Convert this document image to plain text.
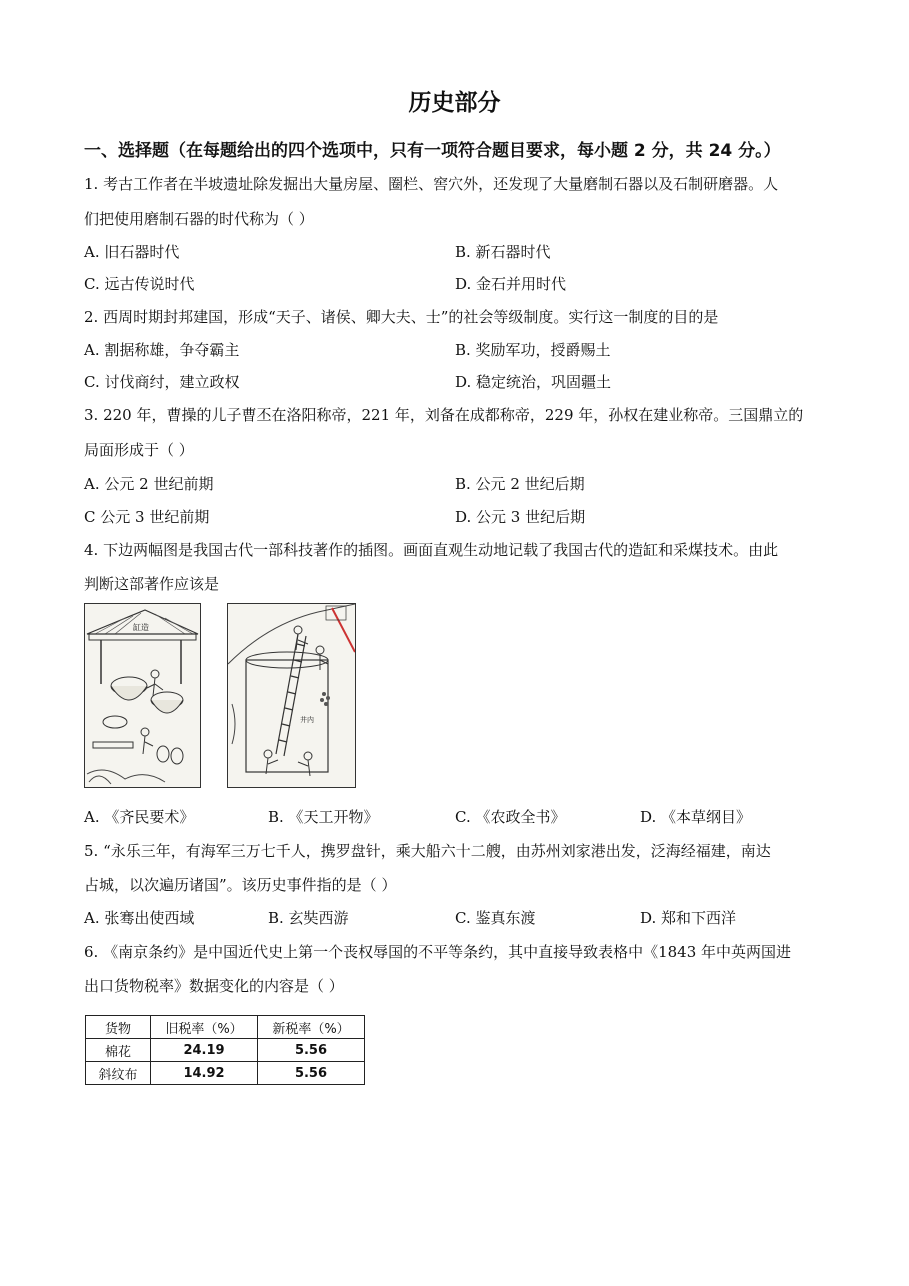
历史部分
一、选择题（在每题给出的四个选项中，只有一项符合题目要求，每小题 2 分，共 24 分。）
1. 考古工作者在半坡遗址除发掘出大量房屋、圈栏、窖穴外，还发现了大量磨制石器以及石制研磨器。人
们把使用磨制石器的时代称为（ ）
A. 旧石器时代	B. 新石器时代
C. 远古传说时代	D. 金石并用时代
2. 西周时期封邦建国，形成“天子、诸侯、卿大夫、士”的社会等级制度。实行这一制度的目的是
A. 割据称雄，争夺霸主	B. 奖励军功，授爵赐土
C. 讨伐商纣，建立政权	D. 稳定统治，巩固疆土
3. 220 年，曹操的儿子曹丕在洛阳称帝，221 年，刘备在成都称帝，229 年，孙权在建业称帝。三国鼎立的
局面形成于（ ）
A. 公元 2 世纪前期	B. 公元 2 世纪后期
C 公元 3 世纪前期	D. 公元 3 世纪后期
4. 下边两幅图是我国古代一部科技著作的插图。画面直观生动地记载了我国古代的造缸和采煤技术。由此
判断这部著作应该是
缸造
井内
A. 《齐民要术》	B. 《天工开物》	C. 《农政全书》	D. 《本草纲目》
5. “永乐三年，有海军三万七千人，携罗盘针，乘大船六十二艘，由苏州刘家港出发，泛海经福建，南达
占城，以次遍历诸国”。该历史事件指的是（ ）
A. 张骞出使西域	B. 玄奘西游	C. 鉴真东渡	D. 郑和下西洋
6. 《南京条约》是中国近代史上第一个丧权辱国的不平等条约，其中直接导致表格中《1843 年中英两国进
出口货物税率》数据变化的内容是（ ）
货物	旧税率（%）	新税率（%）
棉花	24.19	5.56
斜纹布	14.92	5.56
